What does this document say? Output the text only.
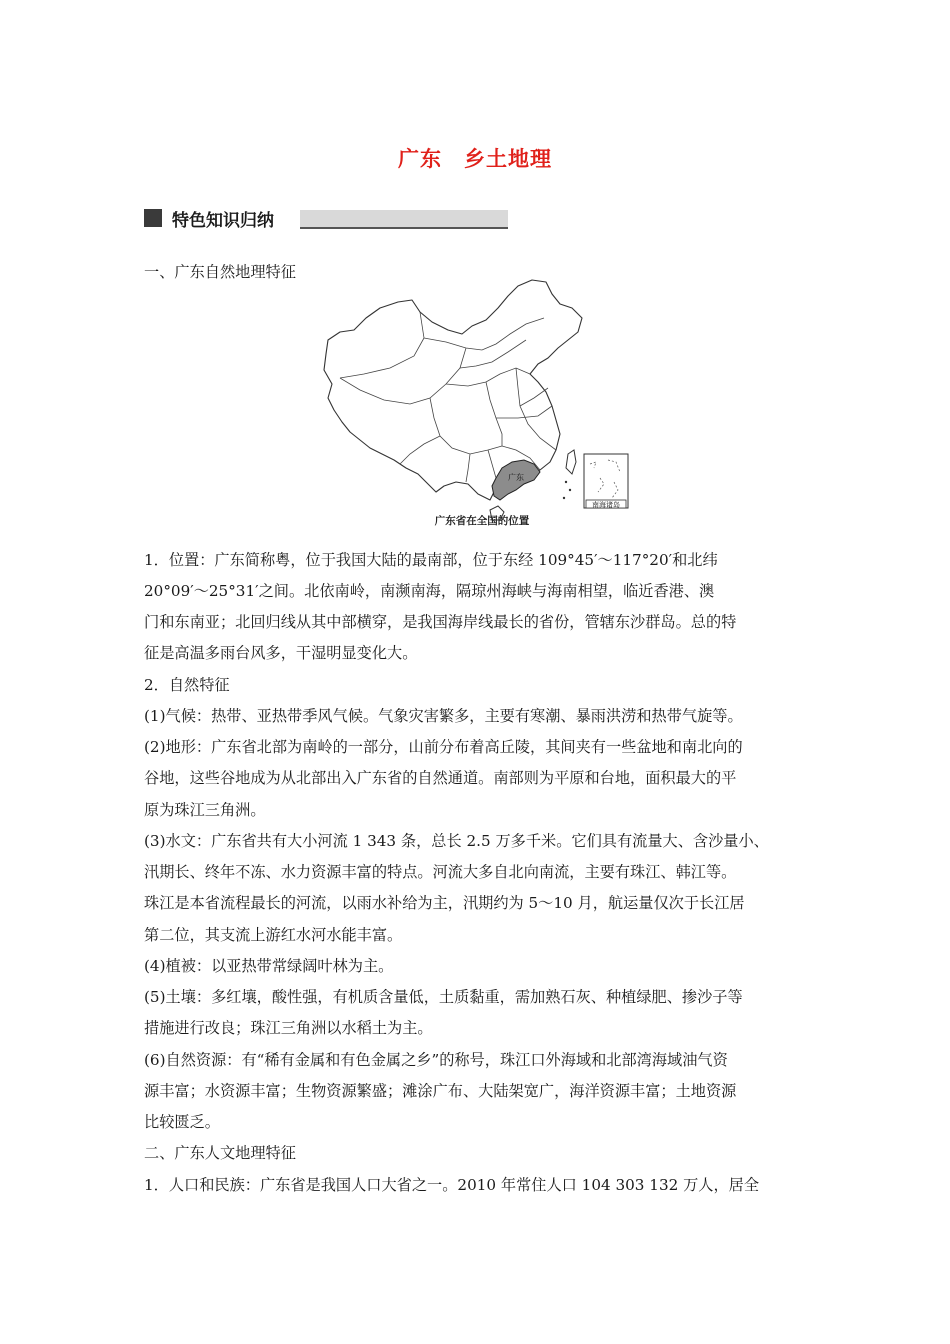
广东　乡土地理
特色知识归纳
一、广东自然地理特征
广东
南海诸岛
广东省在全国的位置
1．位置：广东简称粤，位于我国大陆的最南部，位于东经 109°45′～117°20′和北纬
20°09′～25°31′之间。北依南岭，南濒南海，隔琼州海峡与海南相望，临近香港、澳
门和东南亚；北回归线从其中部横穿，是我国海岸线最长的省份，管辖东沙群岛。总的特
征是高温多雨台风多，干湿明显变化大。
2．自然特征
(1)气候：热带、亚热带季风气候。气象灾害繁多，主要有寒潮、暴雨洪涝和热带气旋等。
(2)地形：广东省北部为南岭的一部分，山前分布着高丘陵，其间夹有一些盆地和南北向的
谷地，这些谷地成为从北部出入广东省的自然通道。南部则为平原和台地，面积最大的平
原为珠江三角洲。
(3)水文：广东省共有大小河流 1 343 条，总长 2.5 万多千米。它们具有流量大、含沙量小、
汛期长、终年不冻、水力资源丰富的特点。河流大多自北向南流，主要有珠江、韩江等。
珠江是本省流程最长的河流，以雨水补给为主，汛期约为 5～10 月，航运量仅次于长江居
第二位，其支流上游红水河水能丰富。
(4)植被：以亚热带常绿阔叶林为主。
(5)土壤：多红壤，酸性强，有机质含量低，土质黏重，需加熟石灰、种植绿肥、掺沙子等
措施进行改良；珠江三角洲以水稻土为主。
(6)自然资源：有“稀有金属和有色金属之乡”的称号，珠江口外海域和北部湾海域油气资
源丰富；水资源丰富；生物资源繁盛；滩涂广布、大陆架宽广，海洋资源丰富；土地资源
比较匮乏。
二、广东人文地理特征
1．人口和民族：广东省是我国人口大省之一。2010 年常住人口 104 303 132 万人，居全
